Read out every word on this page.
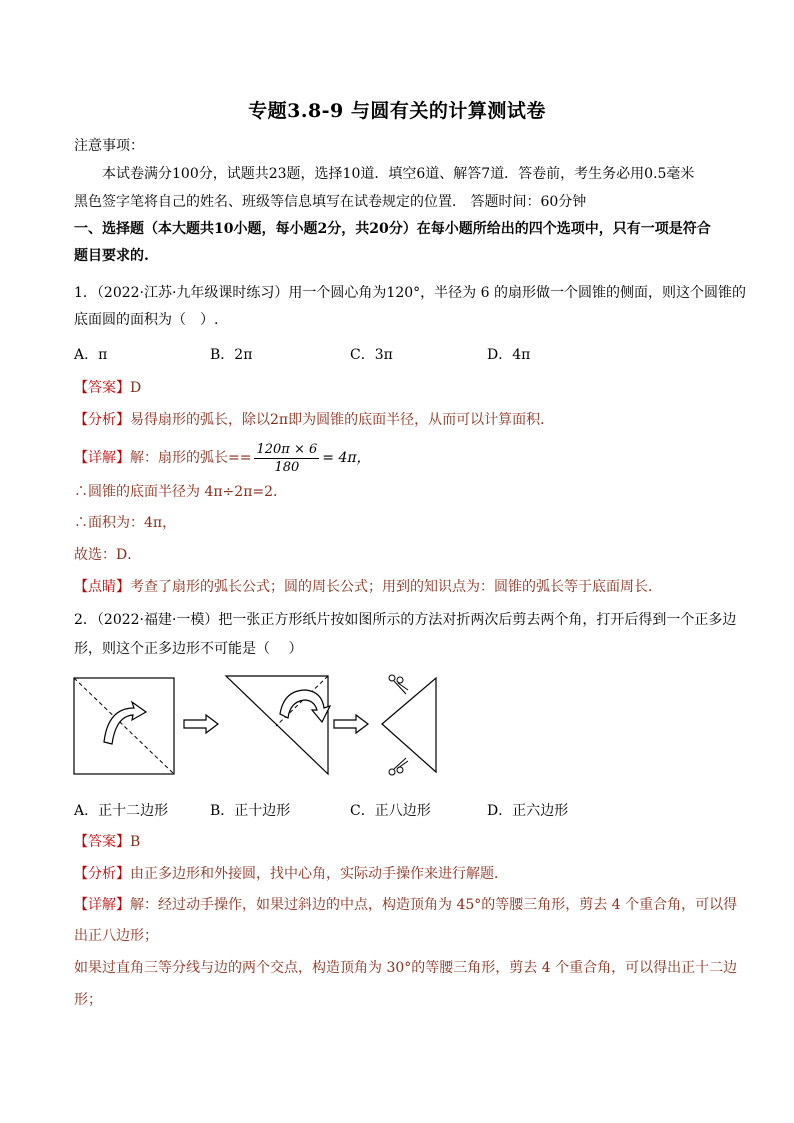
专题3.8-9 与圆有关的计算测试卷
注意事项：
本试卷满分100分，试题共23题，选择10道．填空6道、解答7道．答卷前，考生务必用0.5毫米
黑色签字笔将自己的姓名、班级等信息填写在试卷规定的位置． 答题时间：60分钟
一、选择题（本大题共10小题，每小题2分，共20分）在每小题所给出的四个选项中，只有一项是符合
题目要求的.
1．（2022·江苏·九年级课时练习）用一个圆心角为120°，半径为 6 的扇形做一个圆锥的侧面，则这个圆锥的
底面圆的面积为（　）.
A．π	B．2π	C．3π	D．4π
【答案】D
【分析】易得扇形的弧长，除以2π即为圆锥的底面半径，从而可以计算面积．
【详解】解：扇形的弧长== $\frac{120\pi \times 6}{180} = 4\pi$，
∴圆锥的底面半径为 4π÷2π=2．
∴面积为：4π，
故选：D．
【点睛】考查了扇形的弧长公式；圆的周长公式；用到的知识点为：圆锥的弧长等于底面周长．
2．（2022·福建·一模）把一张正方形纸片按如图所示的方法对折两次后剪去两个角，打开后得到一个正多边
形，则这个正多边形不可能是（　 ）
A．正十二边形	B．正十边形	C．正八边形	D．正六边形
【答案】B
【分析】由正多边形和外接圆，找中心角，实际动手操作来进行解题．
【详解】解：经过动手操作，如果过斜边的中点，构造顶角为 45°的等腰三角形，剪去 4 个重合角，可以得
出正八边形；
如果过直角三等分线与边的两个交点，构造顶角为 30°的等腰三角形，剪去 4 个重合角，可以得出正十二边
形；
